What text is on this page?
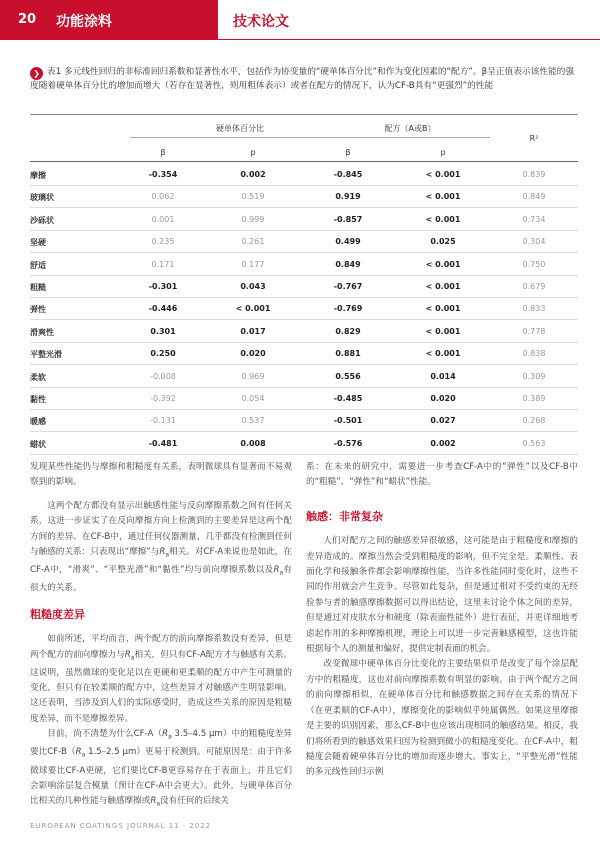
20 功能涂料	技术论文
❯ 表1 多元线性回归的非标准回归系数和显著性水平，包括作为协变量的“硬单体百分比”和作为变化因素的“配方”。β呈正值表示该性能的强度随着硬单体百分比的增加而增大（若存在显著性，则用粗体表示）或者在配方的情况下，认为CF-B具有“更强烈”的性能
硬单体百分比	配方（A或B）
R²
β	p	β	p
摩擦	-0.354	0.002	-0.845	< 0.001	0.839
玻璃状	0.062	0.519	0.919	< 0.001	0.849
沙砾状	0.001	0.999	-0.857	< 0.001	0.734
坚硬	0.235	0.261	0.499	0.025	0.304
舒适	0.171	0.177	0.849	< 0.001	0.750
粗糙	-0.301	0.043	-0.767	< 0.001	0.679
弹性	-0.446	< 0.001	-0.769	< 0.001	0.833
滑爽性	0.301	0.017	0.829	< 0.001	0.778
平整光滑	0.250	0.020	0.881	< 0.001	0.838
柔软	-0.008	0.969	0.556	0.014	0.309
黏性	-0.392	0.054	-0.485	0.020	0.389
暖感	-0.131	0.537	-0.501	0.027	0.268
蜡状	-0.481	0.008	-0.576	0.002	0.563

发现某些性能仍与摩擦和粗糙度有关系，表明微球具有显著而不易观察到的影响。

这两个配方都没有显示出触感性能与反向摩擦系数之间有任何关系，这进一步证实了在反向摩擦方向上检测到的主要差异是这两个配方间的差异。在CF-B中，通过任何仪器测量，几乎都没有检测到任何与触感的关系：只表现出“摩擦”与$R_a$相关。对CF-A来说也是如此，在CF-A中，“滑爽”、“平整光滑”和“黏性”均与前向摩擦系数以及$R_a$有很大的关系。

粗糙度差异

如前所述，平均而言，两个配方的前向摩擦系数没有差异，但是两个配方的前向摩擦力与$R_a$相关，但只有CF-A配方才与触感有关系。这说明，虽然微球的变化足以在更硬和更柔顺的配方中产生可测量的变化，但只有在较柔顺的配方中，这些差异才对触感产生明显影响。这还表明，当涉及到人们的实际感受时，造成这些关系的原因是粗糙度差异，而不是摩擦差异。

目前，尚不清楚为什么$CF-A(R_a$ 3.5–4.5 μm）中的粗糙度差异要比$CF-B(R_a$ 1.5–2.5 μm）更易于检测到。可能原因是：由于许多微球要比CF-A更硬，它们要比CF-B更容易存在于表面上，并且它们会影响涂层复合模量（预计在CF-A中会更大）。此外，与硬单体百分比相关的几种性能与触感摩擦或$R_a$没有任何的后续关

系：在未来的研究中，需要进一步考查CF-A中的“弹性”以及CF-B中的“粗糙”、“弹性”和“蜡状”性能。

触感：非常复杂

人们对配方之间的触感差异很敏感，这可能是由于粗糙度和摩擦的差异造成的。摩擦当然会受到粗糙度的影响，但不完全是。柔顺性、表面化学和接触条件都会影响摩擦性能，当许多性能同时变化时，这些不同的作用就会产生竞争。尽管如此复杂，但是通过相对不受约束的无经验参与者的触感摩擦数据可以得出结论，这里未讨论个体之间的差异，但是通过对皮肤水分和硬度（除表面性能外）进行表征，并更详细地考虑起作用的多种摩擦机理，理论上可以进一步完善触感模型，这也许能根据每个人的测量和偏好，提供定制表面的机会。

改变微球中硬单体百分比变化的主要结果似乎是改变了每个涂层配方中的粗糙度，这也对前向摩擦系数有明显的影响。由于两个配方之间的前向摩擦相似，在硬单体百分比和触感数据之间存在关系的情况下（在更柔顺的CF-A中），摩擦变化的影响似乎纯属偶然。如果这里摩擦是主要的识别因素，那么CF-B中也应该出现相同的触感结果。相反，我们将所看到的触感效果归因为检测到微小的粗糙度变化。在CF-A中，粗糙度会随着硬单体百分比的增加而逐步增大。事实上，“平整光滑”性能的多元线性回归示例

EUROPEAN COATINGS JOURNAL 11 · 2022
